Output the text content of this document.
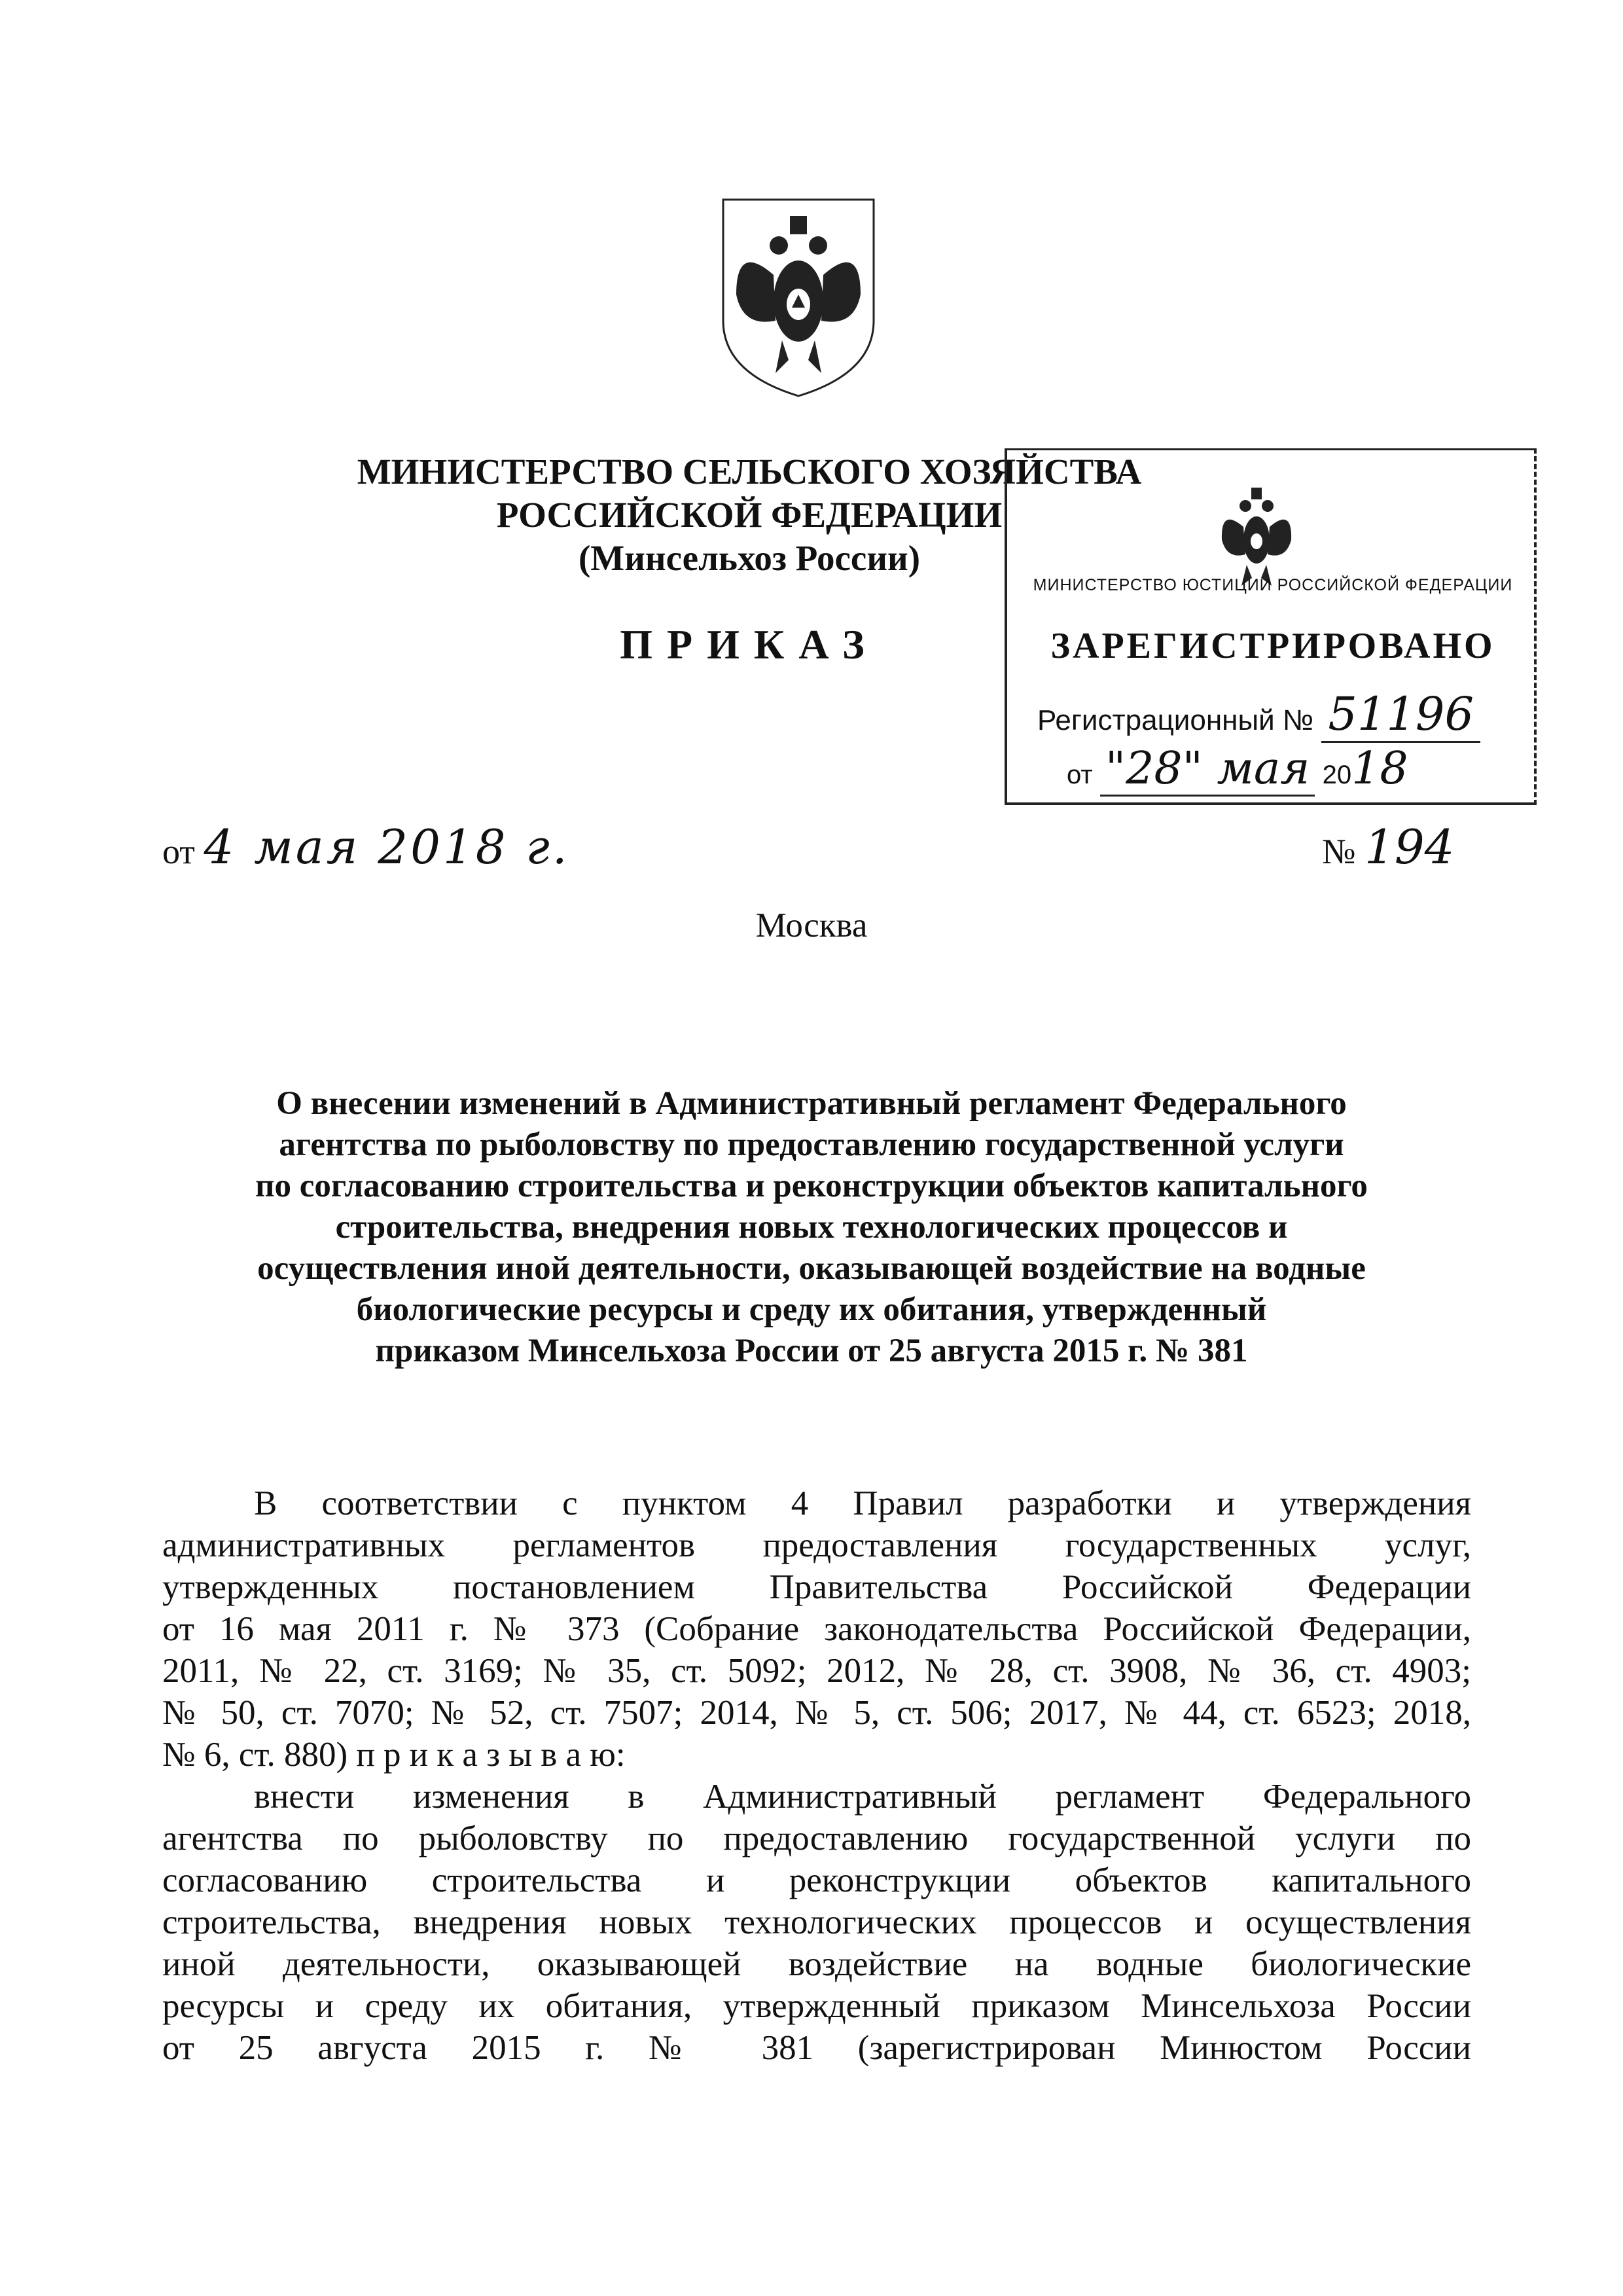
МИНИСТЕРСТВО СЕЛЬСКОГО ХОЗЯЙСТВА
РОССИЙСКОЙ ФЕДЕРАЦИИ
(Минсельхоз России)
ПРИКАЗ
МИНИСТЕРСТВО ЮСТИЦИИ РОССИЙСКОЙ ФЕДЕРАЦИИ
ЗАРЕГИСТРИРОВАНО
Регистрационный № 51196
от "28" мая 2018
от 4 мая 2018 г.	№ 194
Москва
О внесении изменений в Административный регламент Федерального
агентства по рыболовству по предоставлению государственной услуги
по согласованию строительства и реконструкции объектов капитального
строительства, внедрения новых технологических процессов и
осуществления иной деятельности, оказывающей воздействие на водные
биологические ресурсы и среду их обитания, утвержденный
приказом Минсельхоза России от 25 августа 2015 г. № 381
В соответствии с пунктом 4 Правил разработки и утверждения
административных регламентов предоставления государственных услуг,
утвержденных постановлением Правительства Российской Федерации
от 16 мая 2011 г. № 373 (Собрание законодательства Российской Федерации,
2011, № 22, ст. 3169; № 35, ст. 5092; 2012, № 28, ст. 3908, № 36, ст. 4903;
№ 50, ст. 7070; № 52, ст. 7507; 2014, № 5, ст. 506; 2017, № 44, ст. 6523; 2018,
№ 6, ст. 880) п р и к а з ы в а ю:
внести изменения в Административный регламент Федерального
агентства по рыболовству по предоставлению государственной услуги по
согласованию строительства и реконструкции объектов капитального
строительства, внедрения новых технологических процессов и осуществления
иной деятельности, оказывающей воздействие на водные биологические
ресурсы и среду их обитания, утвержденный приказом Минсельхоза России
от 25 августа 2015 г. № 381 (зарегистрирован Минюстом России
